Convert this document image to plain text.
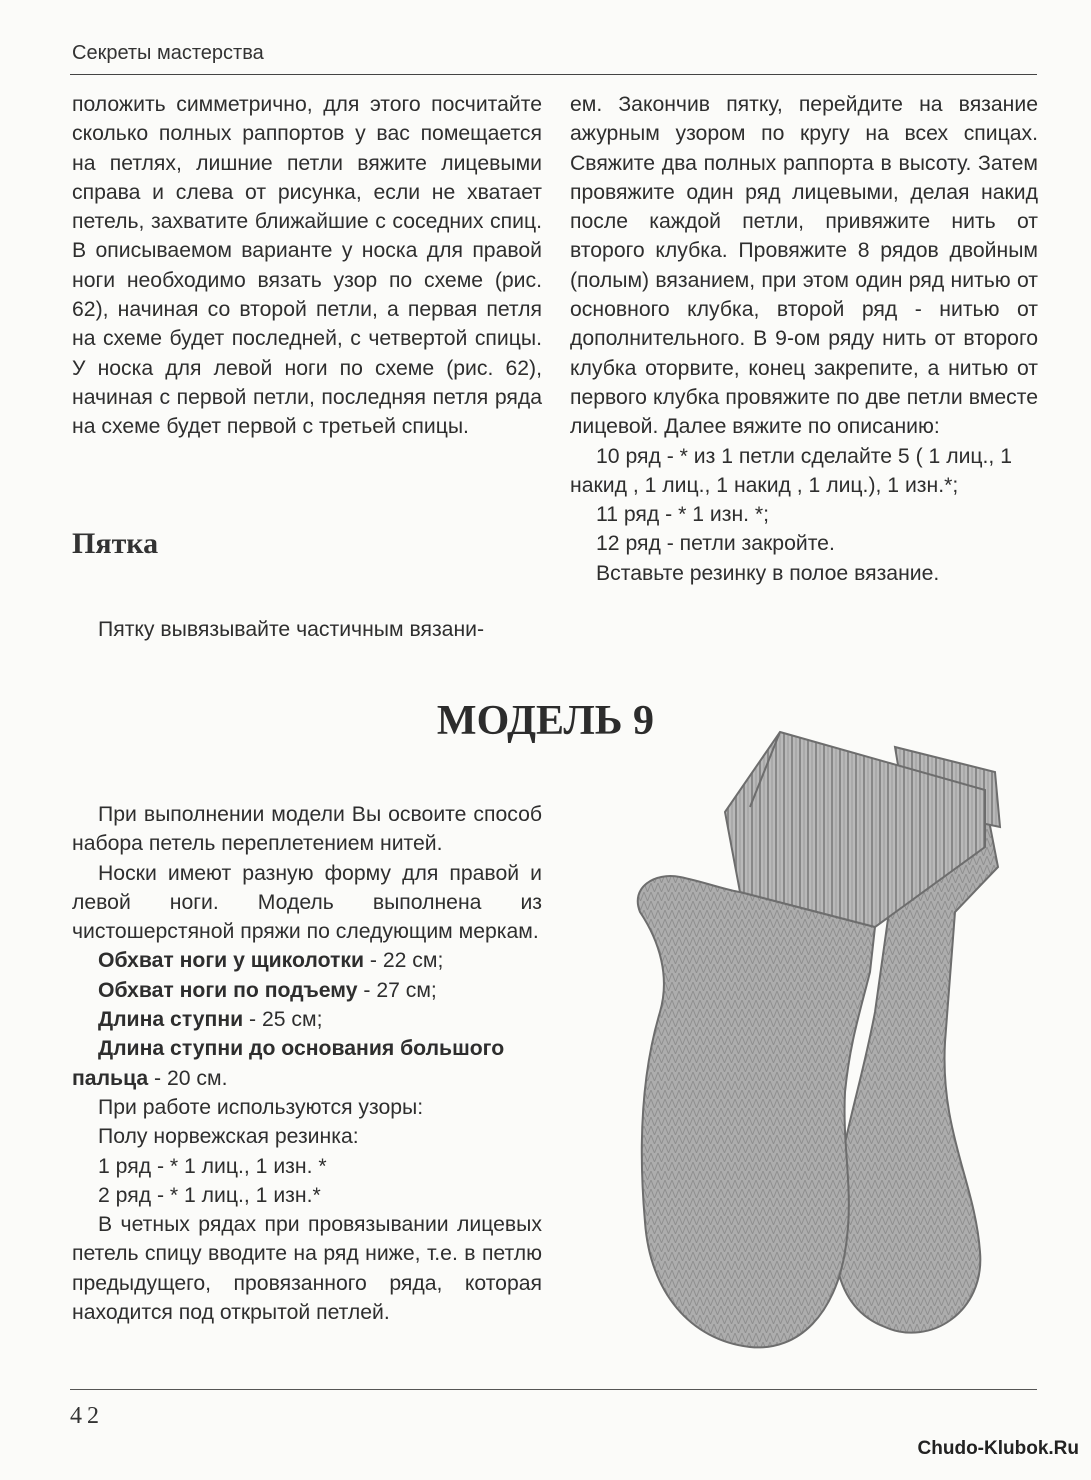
Секреты мастерства

положить симметрично, для этого посчитайте сколько полных раппортов у вас помещается на петлях, лишние петли вяжите лицевыми справа и слева от рисунка, если не хватает петель, захватите ближайшие с соседних спиц. В описываемом варианте у носка для правой ноги необходимо вязать узор по схеме (рис. 62), начиная со второй петли, а первая петля на схеме будет последней, с четвертой спицы. У носка для левой ноги по схеме (рис. 62), начиная с первой петли, последняя петля ряда на схеме будет первой с третьей спицы.

ем. Закончив пятку, перейдите на вязание ажурным узором по кругу на всех спицах. Свяжите два полных раппорта в высоту. Затем провяжите один ряд лицевыми, делая накид после каждой петли, привяжите нить от второго клубка. Провяжите 8 рядов двойным (полым) вязанием, при этом один ряд нитью от основного клубка, второй ряд - нитью от дополнительного. В 9-ом ряду нить от второго клубка оторвите, конец закрепите, а нитью от первого клубка провяжите по две петли вместе лицевой. Далее вяжите по описанию:

10 ряд - * из 1 петли сделайте 5 ( 1 лиц., 1 накид , 1 лиц., 1 накид , 1 лиц.), 1 изн.*;

11 ряд - * 1 изн. *;

12 ряд - петли закройте.

Вставьте резинку в полое вязание.

Пятка

Пятку вывязывайте частичным вязани-

МОДЕЛЬ 9

При выполнении модели Вы освоите способ набора петель переплетением нитей.

Носки имеют разную форму для правой и левой ноги. Модель выполнена из чистошерстяной пряжи по следующим меркам.

Обхват ноги у щиколотки - 22 см;

Обхват ноги по подъему - 27 см;

Длина ступни - 25 см;

Длина ступни до основания большого пальца - 20 см.

При работе используются узоры:

Полу норвежская резинка:

1 ряд - * 1 лиц., 1 изн. *

2 ряд - * 1 лиц., 1 изн.*

В четных рядах при провязывании лицевых петель спицу вводите на ряд ниже, т.е. в петлю предыдущего, провязанного ряда, которая находится под открытой петлей.

42
Chudo-Klubok.Ru
